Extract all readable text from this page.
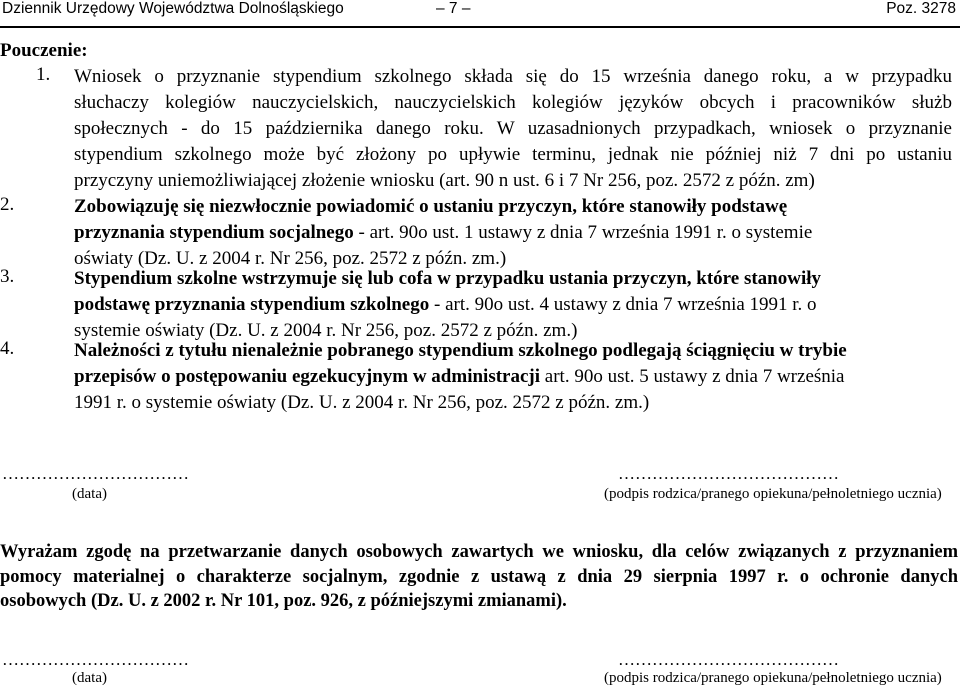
Dziennik Urzędowy Województwa Dolnośląskiego	– 7 –	Poz. 3278
Pouczenie:
1. Wniosek o przyznanie stypendium szkolnego składa się do 15 września danego roku, a w przypadku
słuchaczy kolegiów nauczycielskich, nauczycielskich kolegiów języków obcych i pracowników służb
społecznych - do 15 października danego roku. W uzasadnionych przypadkach, wniosek o przyznanie
stypendium szkolnego może być złożony po upływie terminu, jednak nie później niż 7 dni po ustaniu
przyczyny uniemożliwiającej złożenie wniosku (art. 90 n ust. 6 i 7 Nr 256, poz. 2572 z późn. zm)
2.	Zobowiązuję się niezwłocznie powiadomić o ustaniu przyczyn, które stanowiły podstawę
przyznania stypendium socjalnego - art. 90o ust. 1 ustawy z dnia 7 września 1991 r. o systemie
oświaty (Dz. U. z 2004 r. Nr 256, poz. 2572 z późn. zm.)
3.	Stypendium szkolne wstrzymuje się lub cofa w przypadku ustania przyczyn, które stanowiły
podstawę przyznania stypendium szkolnego - art. 90o ust. 4 ustawy z dnia 7 września 1991 r. o
systemie oświaty (Dz. U. z 2004 r. Nr 256, poz. 2572 z późn. zm.)
4.	Należności z tytułu nienależnie pobranego stypendium szkolnego podlegają ściągnięciu w trybie
przepisów o postępowaniu egzekucyjnym w administracji art. 90o ust. 5 ustawy z dnia 7 września
1991 r. o systemie oświaty (Dz. U. z 2004 r. Nr 256, poz. 2572 z późn. zm.)
……………………………
(data)
…………………………………
(podpis rodzica/pranego opiekuna/pełnoletniego ucznia)
Wyrażam zgodę na przetwarzanie danych osobowych zawartych we wniosku, dla celów związanych z przyznaniem
pomocy materialnej o charakterze socjalnym, zgodnie z ustawą z dnia 29 sierpnia 1997 r. o ochronie danych
osobowych (Dz. U. z 2002 r. Nr 101, poz. 926, z późniejszymi zmianami).
……………………………
(data)
…………………………………
(podpis rodzica/pranego opiekuna/pełnoletniego ucznia)
